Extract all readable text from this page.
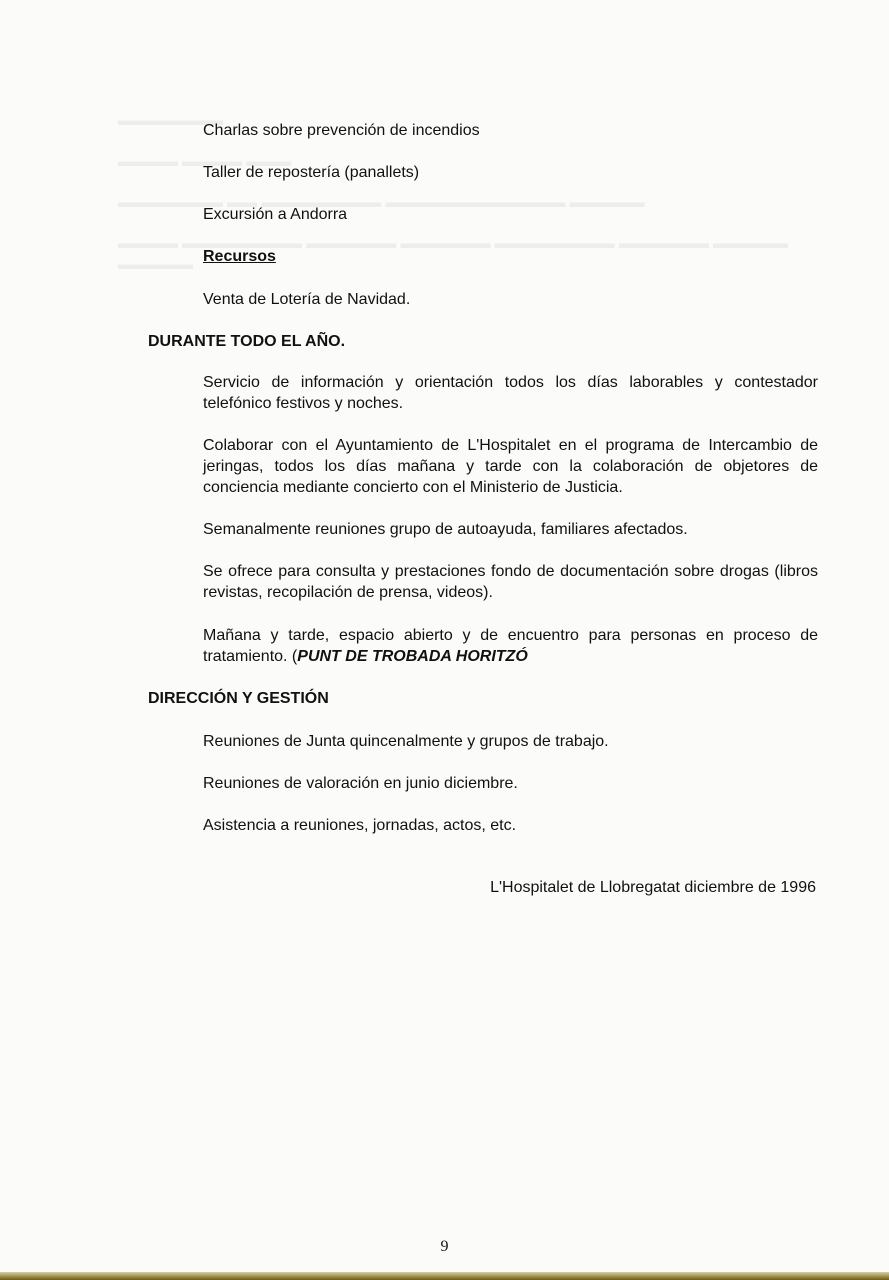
▬▬▬▬▬▬▬
▬▬▬▬ ▬▬▬▬ ▬▬▬
▬▬▬▬▬▬▬ ▬▬ ▬▬▬▬▬▬▬▬ ▬▬▬▬▬▬▬▬▬▬▬▬ ▬▬▬▬▬
▬▬▬▬ ▬▬▬▬▬▬▬▬ ▬▬▬▬▬▬ ▬▬▬▬▬▬ ▬▬▬▬▬▬▬▬ ▬▬▬▬▬▬ ▬▬▬▬▬ ▬▬▬▬▬
Charlas sobre prevención de incendios
Taller de repostería (panallets)
Excursión a Andorra
Recursos
Venta de Lotería de Navidad.
DURANTE TODO EL AÑO.
Servicio de información y orientación todos los días laborables y contestador telefónico festivos y noches.
Colaborar con el Ayuntamiento de L'Hospitalet en el programa de Intercambio de jeringas, todos los días mañana y tarde con la colaboración de objetores de conciencia mediante concierto con el Ministerio de Justicia.
Semanalmente reuniones grupo de autoayuda, familiares afectados.
Se ofrece para consulta y prestaciones fondo de documentación sobre drogas (libros revistas, recopilación de prensa, videos).
Mañana y tarde, espacio abierto y de encuentro para personas en proceso de tratamiento. (PUNT DE TROBADA HORITZÓ
DIRECCIÓN Y GESTIÓN
Reuniones de Junta quincenalmente y grupos de trabajo.
Reuniones de valoración en junio diciembre.
Asistencia a reuniones, jornadas, actos, etc.
L'Hospitalet de Llobregatat diciembre de 1996
9
